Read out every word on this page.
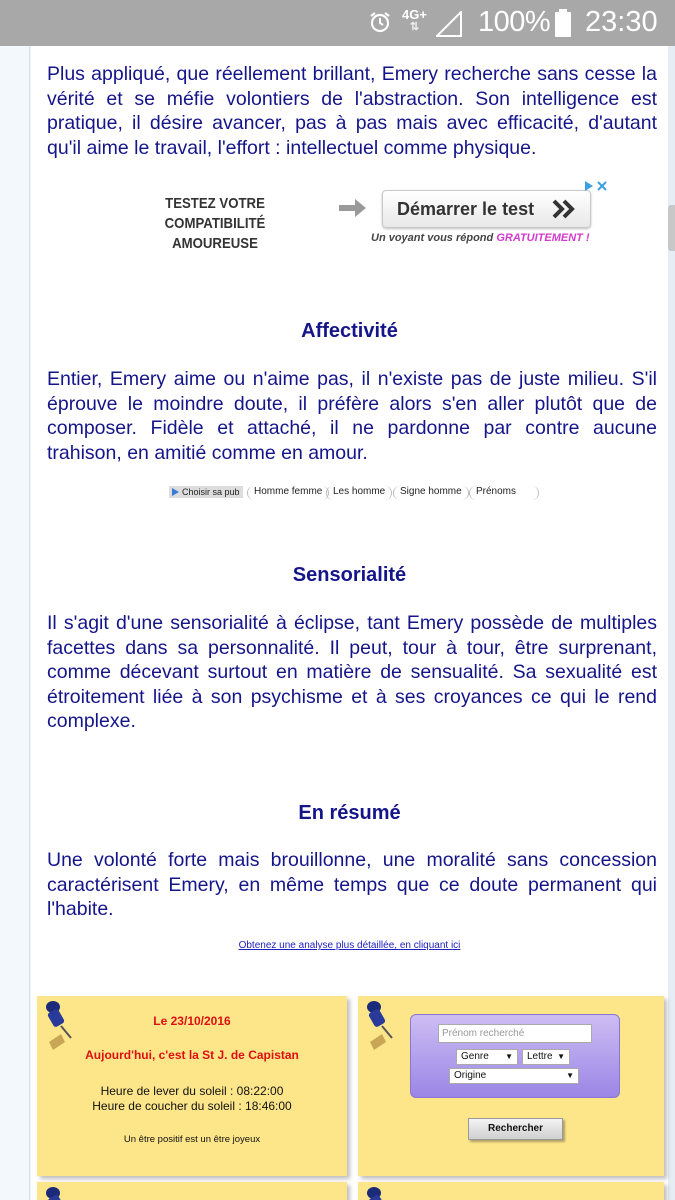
4G+
⇅ 100% 23:30

Plus appliqué, que réellement brillant, Emery recherche sans cesse la vérité et se méfie volontiers de l'abstraction. Son intelligence est pratique, il désire avancer, pas à pas mais avec efficacité, d'autant qu'il aime le travail, l'effort : intellectuel comme physique.

TESTEZ VOTRE
COMPATIBILITÉ AMOUREUSE
Démarrer le test
Un voyant vous répond GRATUITEMENT !
Affectivité

Entier, Emery aime ou n'aime pas, il n'existe pas de juste milieu. S'il éprouve le moindre doute, il préfère alors s'en aller plutôt que de composer. Fidèle et attaché, il ne pardonne par contre aucune trahison, en amitié comme en amour.

Choisir sa pub	Homme femme	Les homme	Signe homme	Prénoms
Sensorialité

Il s'agit d'une sensorialité à éclipse, tant Emery possède de multiples facettes dans sa personnalité. Il peut, tour à tour, être surprenant, comme décevant surtout en matière de sensualité. Sa sexualité est étroitement liée à son psychisme et à ses croyances ce qui le rend complexe.

En résumé

Une volonté forte mais brouillonne, une moralité sans concession caractérisent Emery, en même temps que ce doute permanent qui l'habite.

Obtenez une analyse plus détaillée, en cliquant ici
Le 23/10/2016
Aujourd'hui, c'est la St J. de Capistan
Heure de lever du soleil : 08:22:00
Heure de coucher du soleil : 18:46:00
Un être positif est un être joyeux
Prénom recherché
Genre ▼	Lettre ▼
Origine	▼
Rechercher
